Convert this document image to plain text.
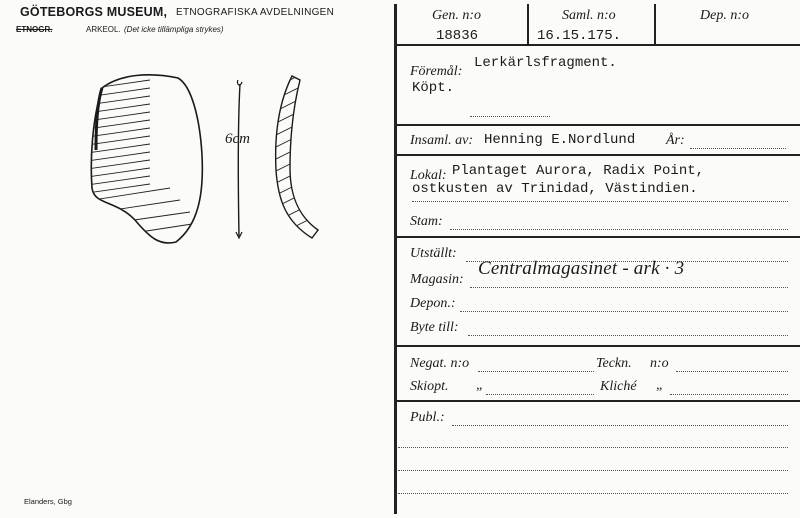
GÖTEBORGS MUSEUM, ETNOGRAFISKA AVDELNINGEN
ETNOGR.	ARKEOL. (Det icke tillämpliga strykes)
Elanders, Gbg
6cm
Gen. n:o
18836
Saml. n:o
16.15.175.
Dep. n:o
Föremål:
Lerkärlsfragment.
Köpt.
Insaml. av: Henning E.Nordlund År:
Lokal: Plantaget Aurora, Radix Point,
ostkusten av Trinidad, Västindien.
Stam:
Utställt:
Magasin:
Centralmagasinet - ark · 3
Depon.:
Byte till:
Negat. n:o	Teckn. n:o
Skiopt. „	Kliché „
Publ.:
